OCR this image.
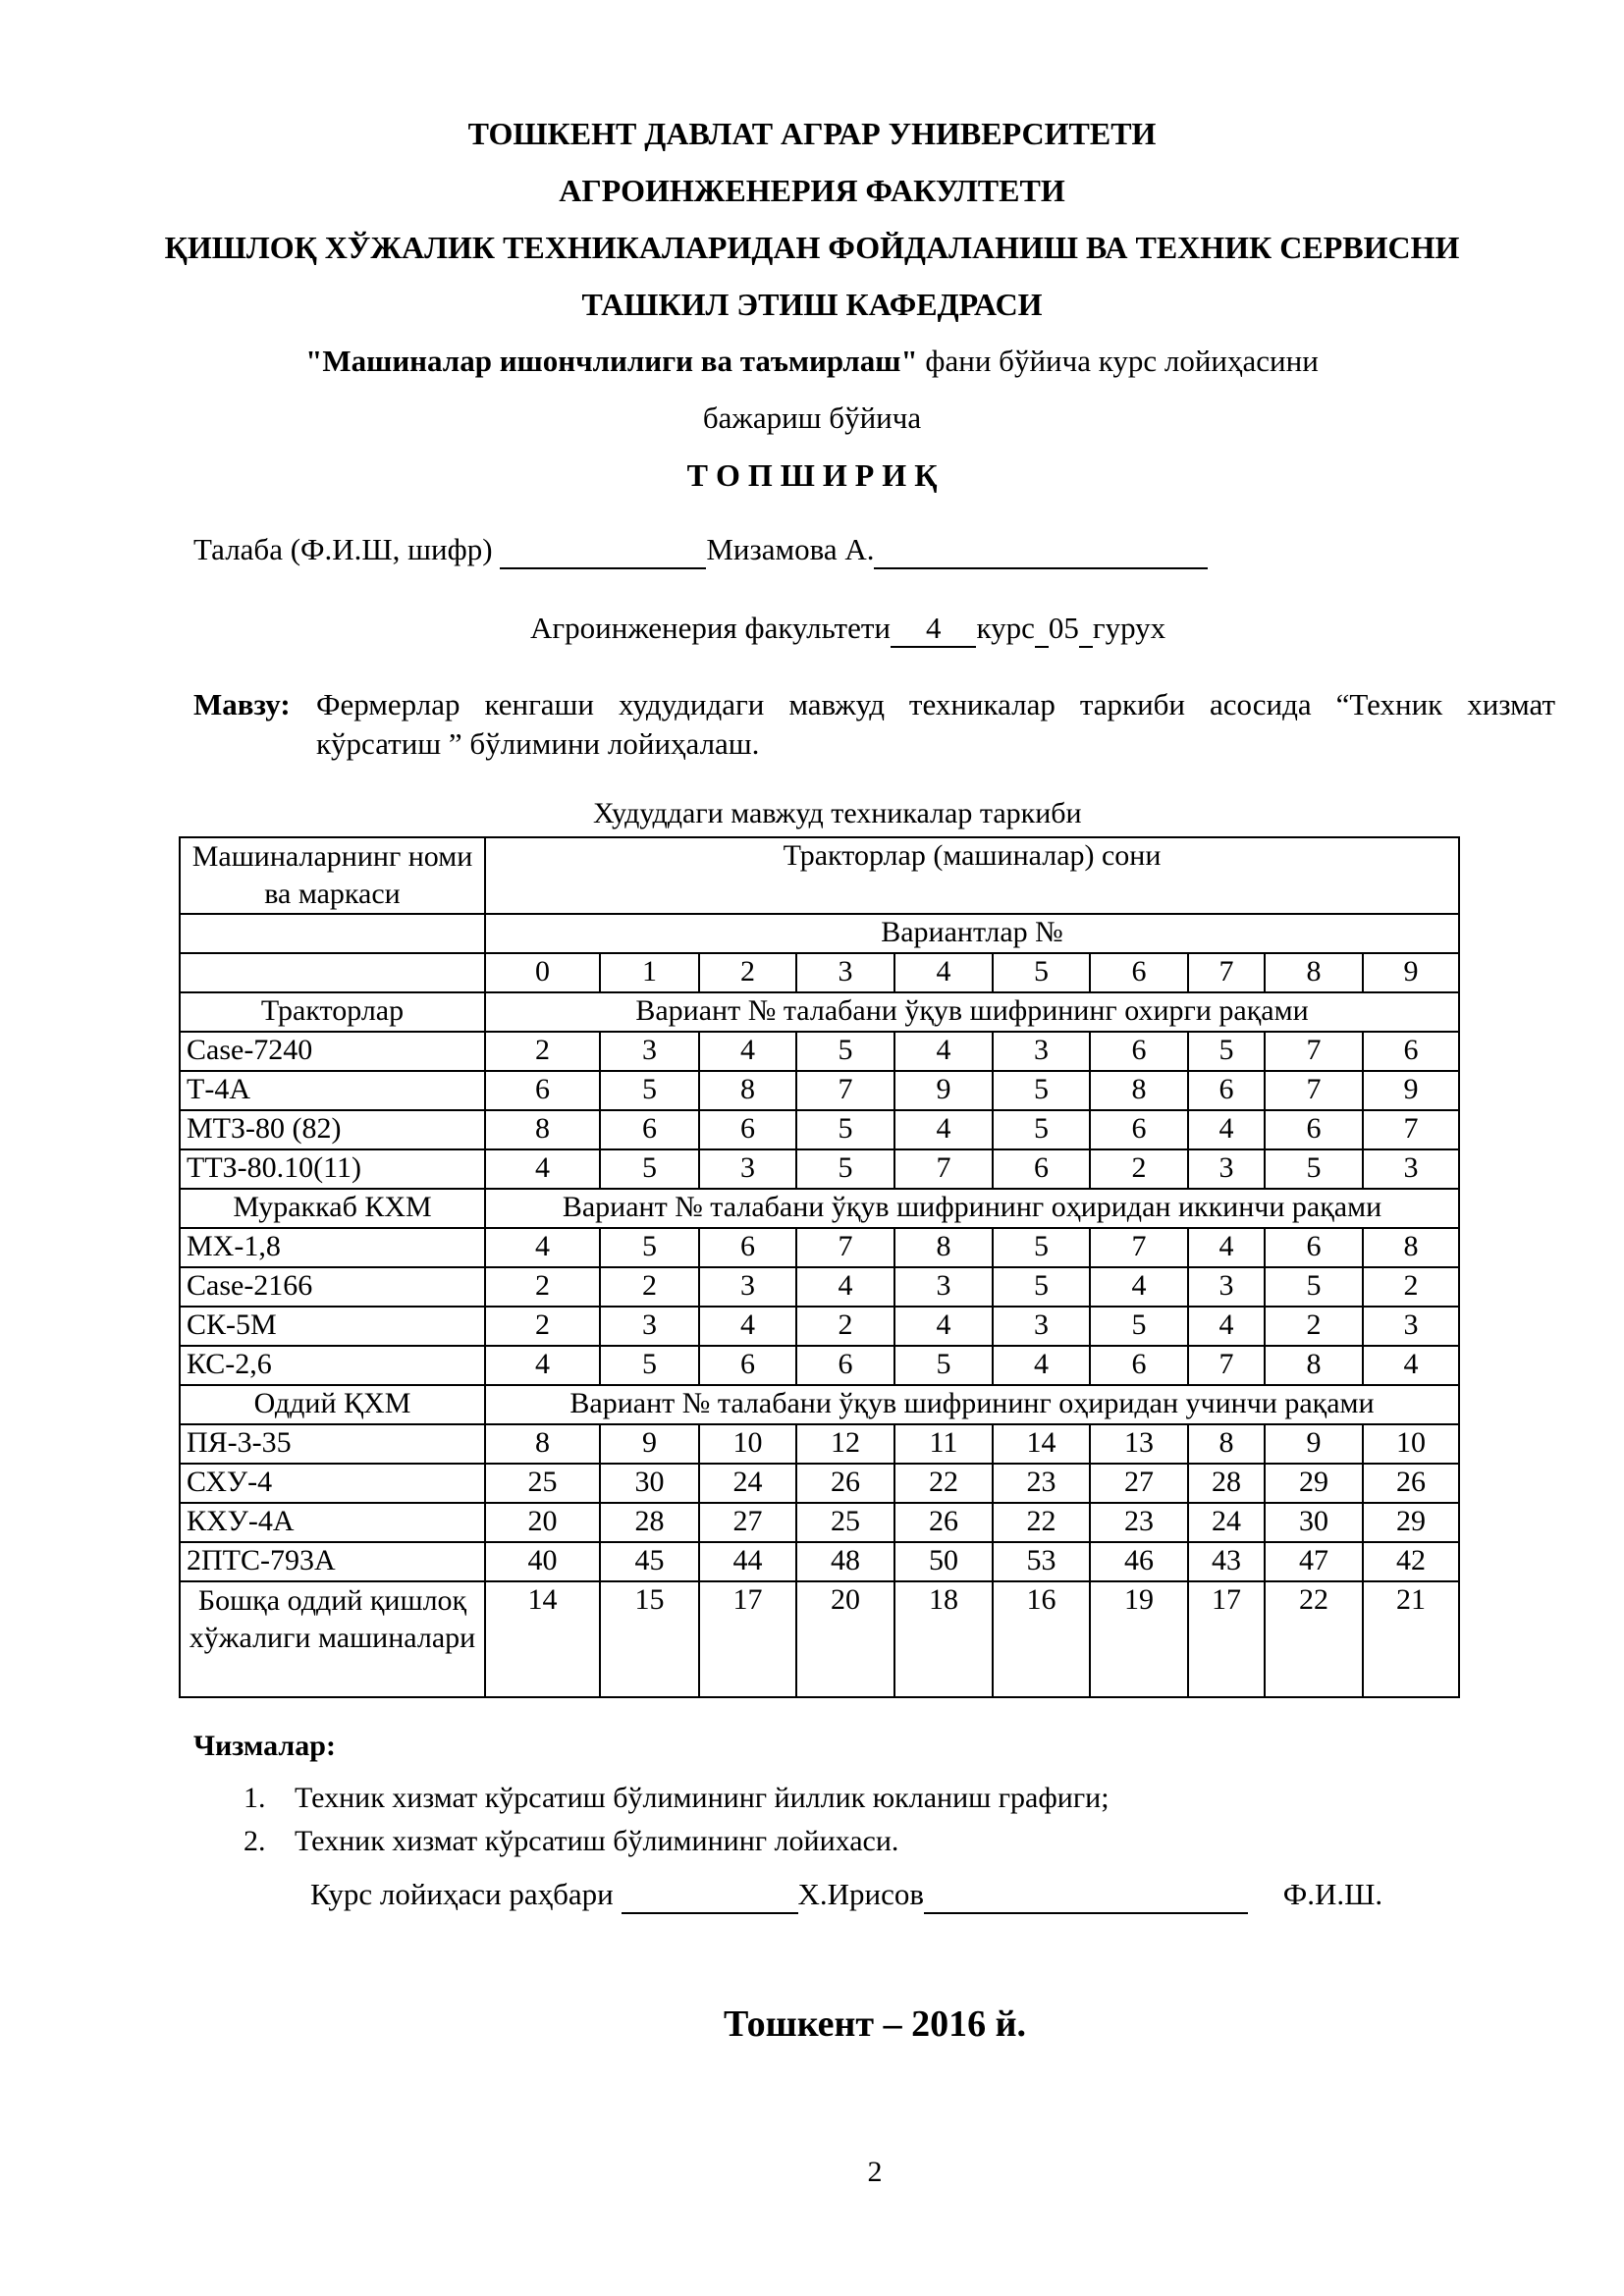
ТОШКЕНТ ДАВЛАТ АГРАР УНИВЕРСИТЕТИ
АГРОИНЖЕНЕРИЯ ФАКУЛТЕТИ
ҚИШЛОҚ ХЎЖАЛИК ТЕХНИКАЛАРИДАН ФОЙДАЛАНИШ ВА ТЕХНИК СЕРВИСНИ
ТАШКИЛ ЭТИШ КАФЕДРАСИ
"Машиналар ишончлилиги ва таъмирлаш" фани бўйича курс лойиҳасини
бажариш бўйича
Т О П Ш И Р И Қ
Талаба (Ф.И.Ш, шифр)	Мизамова А.
Агроинженерия факультети 4 курс 05 гурух
Мавзу: Фермерлар кенгаши худудидаги мавжуд техникалар таркиби асосида “Техник хизмат
кўрсатиш ” бўлимини лойиҳалаш.
Худуддаги мавжуд техникалар таркиби
Машиналарнинг номи ва маркаси	Тракторлар (машиналар) сони									
	Вариантлар №									
	0	1	2	3	4	5	6	7	8	9
Тракторлар	Вариант № талабани ўқув шифрининг охирги рақами									
Case-7240	2	3	4	5	4	3	6	5	7	6
Т-4А	6	5	8	7	9	5	8	6	7	9
МТЗ-80 (82)	8	6	6	5	4	5	6	4	6	7
ТТЗ-80.10(11)	4	5	3	5	7	6	2	3	5	3
Мураккаб КХМ	Вариант № талабани ўқув шифрининг оҳиридан иккинчи рақами									
МХ-1,8	4	5	6	7	8	5	7	4	6	8
Case-2166	2	2	3	4	3	5	4	3	5	2
СК-5М	2	3	4	2	4	3	5	4	2	3
КС-2,6	4	5	6	6	5	4	6	7	8	4
Оддий ҚХМ	Вариант № талабани ўқув шифрининг оҳиридан учинчи рақами									
ПЯ-3-35	8	9	10	12	11	14	13	8	9	10
СХУ-4	25	30	24	26	22	23	27	28	29	26
КХУ-4А	20	28	27	25	26	22	23	24	30	29
2ПТС-793А	40	45	44	48	50	53	46	43	47	42
Бошқа оддий қишлоқ хўжалиги машиналари	14	15	17	20	18	16	19	17	22	21
Чизмалар:
1. Техник хизмат кўрсатиш бўлимининг йиллик юкланиш графиги;
2. Техник хизмат кўрсатиш бўлимининг лойихаси.
Курс лойиҳаси раҳбари	Х.Ирисов	Ф.И.Ш.
Тошкент – 2016 й.
2
